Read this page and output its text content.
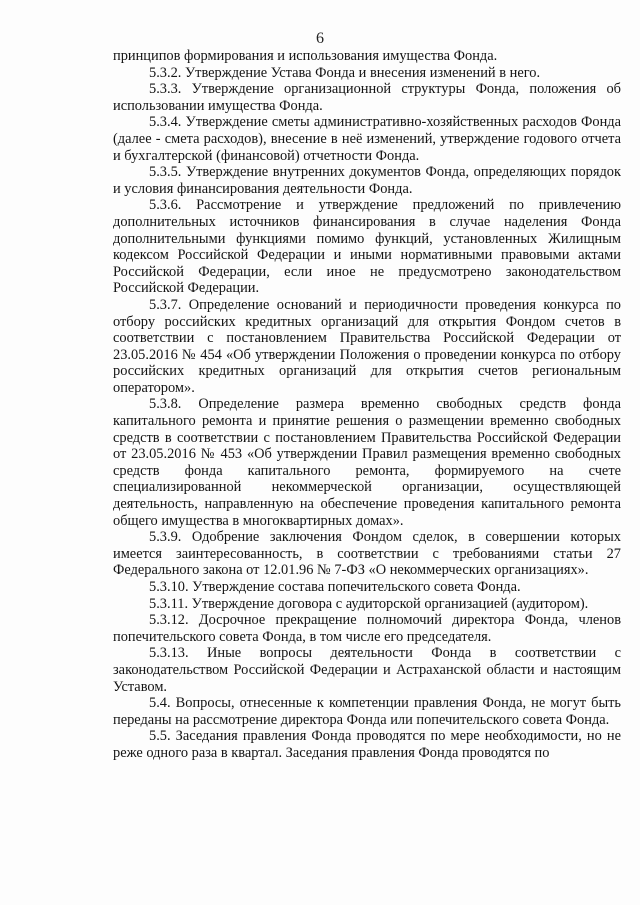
6

принципов формирования и использования имущества Фонда.

5.3.2. Утверждение Устава Фонда и внесения изменений в него.

5.3.3. Утверждение организационной структуры Фонда, положения об использовании имущества Фонда.

5.3.4. Утверждение сметы административно-хозяйственных расходов Фонда (далее - смета расходов), внесение в неё изменений, утверждение годового отчета и бухгалтерской (финансовой) отчетности Фонда.

5.3.5. Утверждение внутренних документов Фонда, определяющих порядок и условия финансирования деятельности Фонда.

5.3.6. Рассмотрение и утверждение предложений по привлечению дополнительных источников финансирования в случае наделения Фонда дополнительными функциями помимо функций, установленных Жилищным кодексом Российской Федерации и иными нормативными правовыми актами Российской Федерации, если иное не предусмотрено законодательством Российской Федерации.

5.3.7. Определение оснований и периодичности проведения конкурса по отбору российских кредитных организаций для открытия Фондом счетов в соответствии с постановлением Правительства Российской Федерации от 23.05.2016 № 454 «Об утверждении Положения о проведении конкурса по отбору российских кредитных организаций для открытия счетов региональным оператором».

5.3.8. Определение размера временно свободных средств фонда капитального ремонта и принятие решения о размещении временно свободных средств в соответствии с постановлением Правительства Российской Федерации от 23.05.2016 № 453 «Об утверждении Правил размещения временно свободных средств фонда капитального ремонта, формируемого на счете специализированной некоммерческой организации, осуществляющей деятельность, направленную на обеспечение проведения капитального ремонта общего имущества в многоквартирных домах».

5.3.9. Одобрение заключения Фондом сделок, в совершении которых имеется заинтересованность, в соответствии с требованиями статьи 27 Федерального закона от 12.01.96 № 7-ФЗ «О некоммерческих организациях».

5.3.10. Утверждение состава попечительского совета Фонда.

5.3.11. Утверждение договора с аудиторской организацией (аудитором).

5.3.12. Досрочное прекращение полномочий директора Фонда, членов попечительского совета Фонда, в том числе его председателя.

5.3.13. Иные вопросы деятельности Фонда в соответствии с законодательством Российской Федерации и Астраханской области и настоящим Уставом.

5.4. Вопросы, отнесенные к компетенции правления Фонда, не могут быть переданы на рассмотрение директора Фонда или попечительского совета Фонда.

5.5. Заседания правления Фонда проводятся по мере необходимости, но не реже одного раза в квартал. Заседания правления Фонда проводятся по
